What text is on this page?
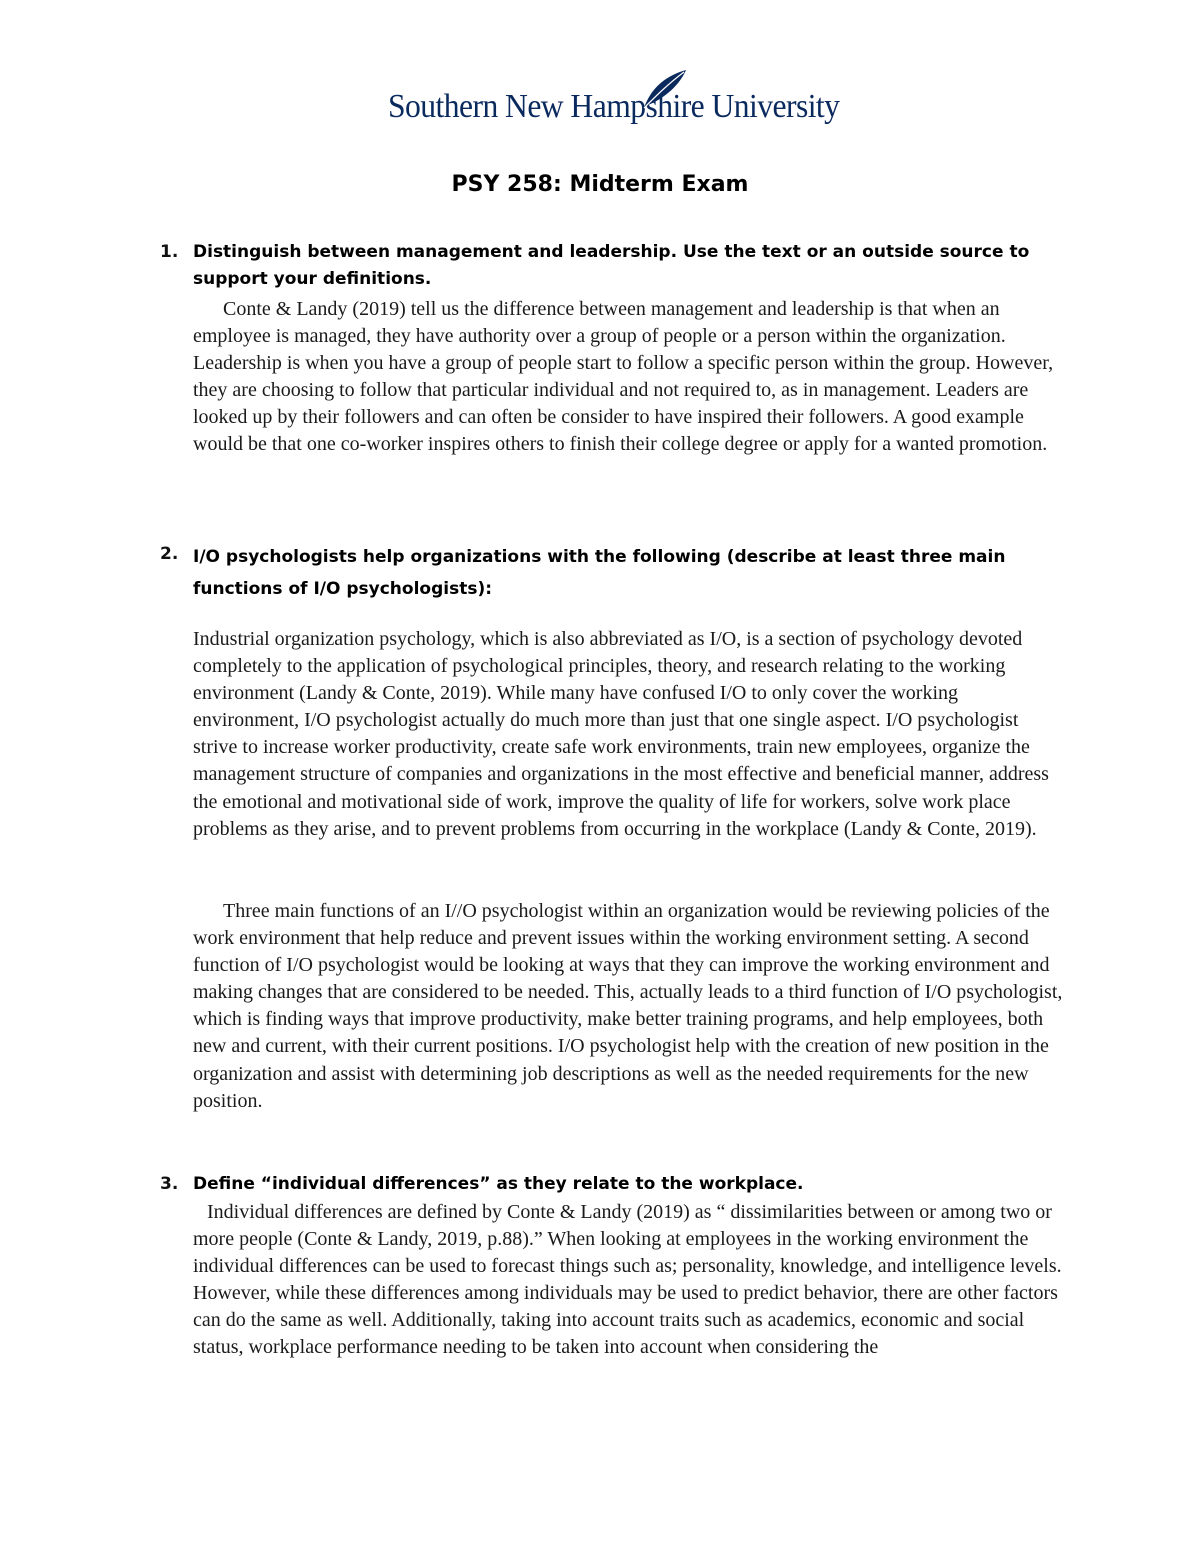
Southern New Hampshire University
PSY 258: Midterm Exam
1. Distinguish between management and leadership. Use the text or an outside source to support your definitions.
Conte & Landy (2019) tell us the difference between management and leadership is that when an employee is managed, they have authority over a group of people or a person within the organization. Leadership is when you have a group of people start to follow a specific person within the group. However, they are choosing to follow that particular individual and not required to, as in management. Leaders are looked up by their followers and can often be consider to have inspired their followers. A good example would be that one co-worker inspires others to finish their college degree or apply for a wanted promotion.
2. I/O psychologists help organizations with the following (describe at least three main functions of I/O psychologists):
Industrial organization psychology, which is also abbreviated as I/O, is a section of psychology devoted completely to the application of psychological principles, theory, and research relating to the working environment (Landy & Conte, 2019). While many have confused I/O to only cover the working environment, I/O psychologist actually do much more than just that one single aspect. I/O psychologist strive to increase worker productivity, create safe work environments, train new employees, organize the management structure of companies and organizations in the most effective and beneficial manner, address the emotional and motivational side of work, improve the quality of life for workers, solve work place problems as they arise, and to prevent problems from occurring in the workplace (Landy & Conte, 2019).
Three main functions of an I//O psychologist within an organization would be reviewing policies of the work environment that help reduce and prevent issues within the working environment setting. A second function of I/O psychologist would be looking at ways that they can improve the working environment and making changes that are considered to be needed. This, actually leads to a third function of I/O psychologist, which is finding ways that improve productivity, make better training programs, and help employees, both new and current, with their current positions. I/O psychologist help with the creation of new position in the organization and assist with determining job descriptions as well as the needed requirements for the new position.
3. Define “individual differences” as they relate to the workplace.
Individual differences are defined by Conte & Landy (2019) as “ dissimilarities between or among two or more people (Conte & Landy, 2019, p.88).” When looking at employees in the working environment the individual differences can be used to forecast things such as; personality, knowledge, and intelligence levels. However, while these differences among individuals may be used to predict behavior, there are other factors can do the same as well. Additionally, taking into account traits such as academics, economic and social status, workplace performance needing to be taken into account when considering the
